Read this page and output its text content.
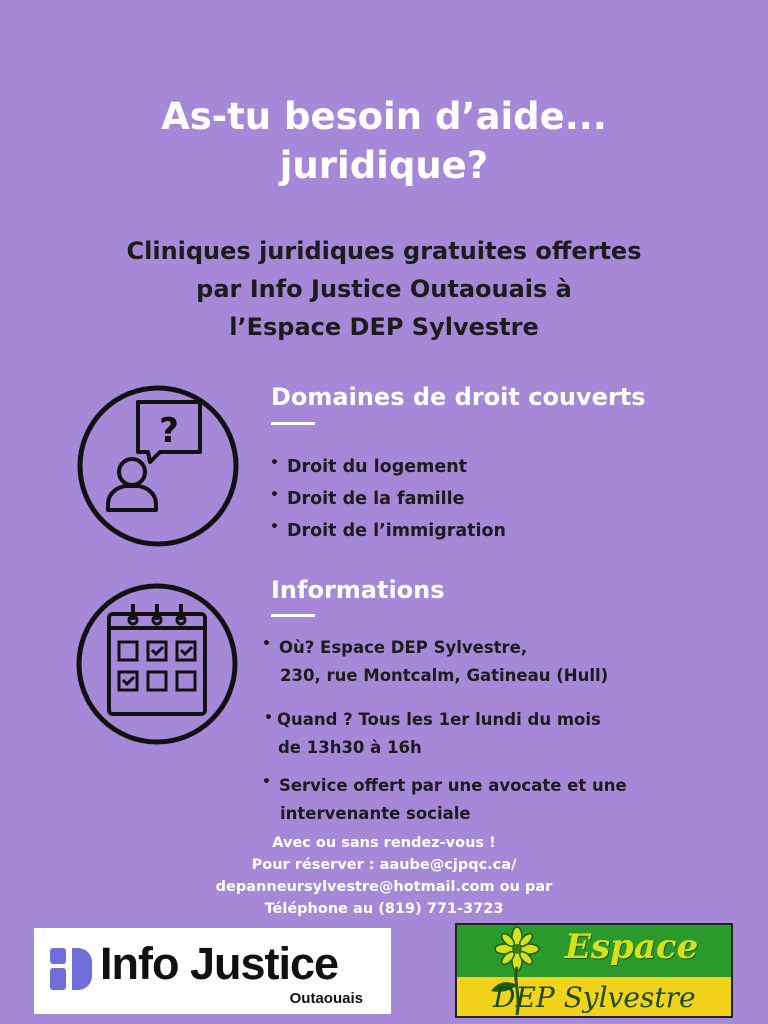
As-tu besoin d’aide...
juridique?
Cliniques juridiques gratuites offertes
par Info Justice Outaouais à
l’Espace DEP Sylvestre
?
Domaines de droit couverts
• Droit du logement
• Droit de la famille
• Droit de l’immigration
Informations
• Où? Espace DEP Sylvestre,
230, rue Montcalm, Gatineau (Hull)
• Quand ? Tous les 1er lundi du mois
de 13h30 à 16h
• Service offert par une avocate et une
intervenante sociale
Avec ou sans rendez-vous !
Pour réserver : aaube@cjpqc.ca/
depanneursylvestre@hotmail.com ou par
Téléphone au (819) 771-3723
Info Justice
Outaouais
Espace
DEP Sylvestre
